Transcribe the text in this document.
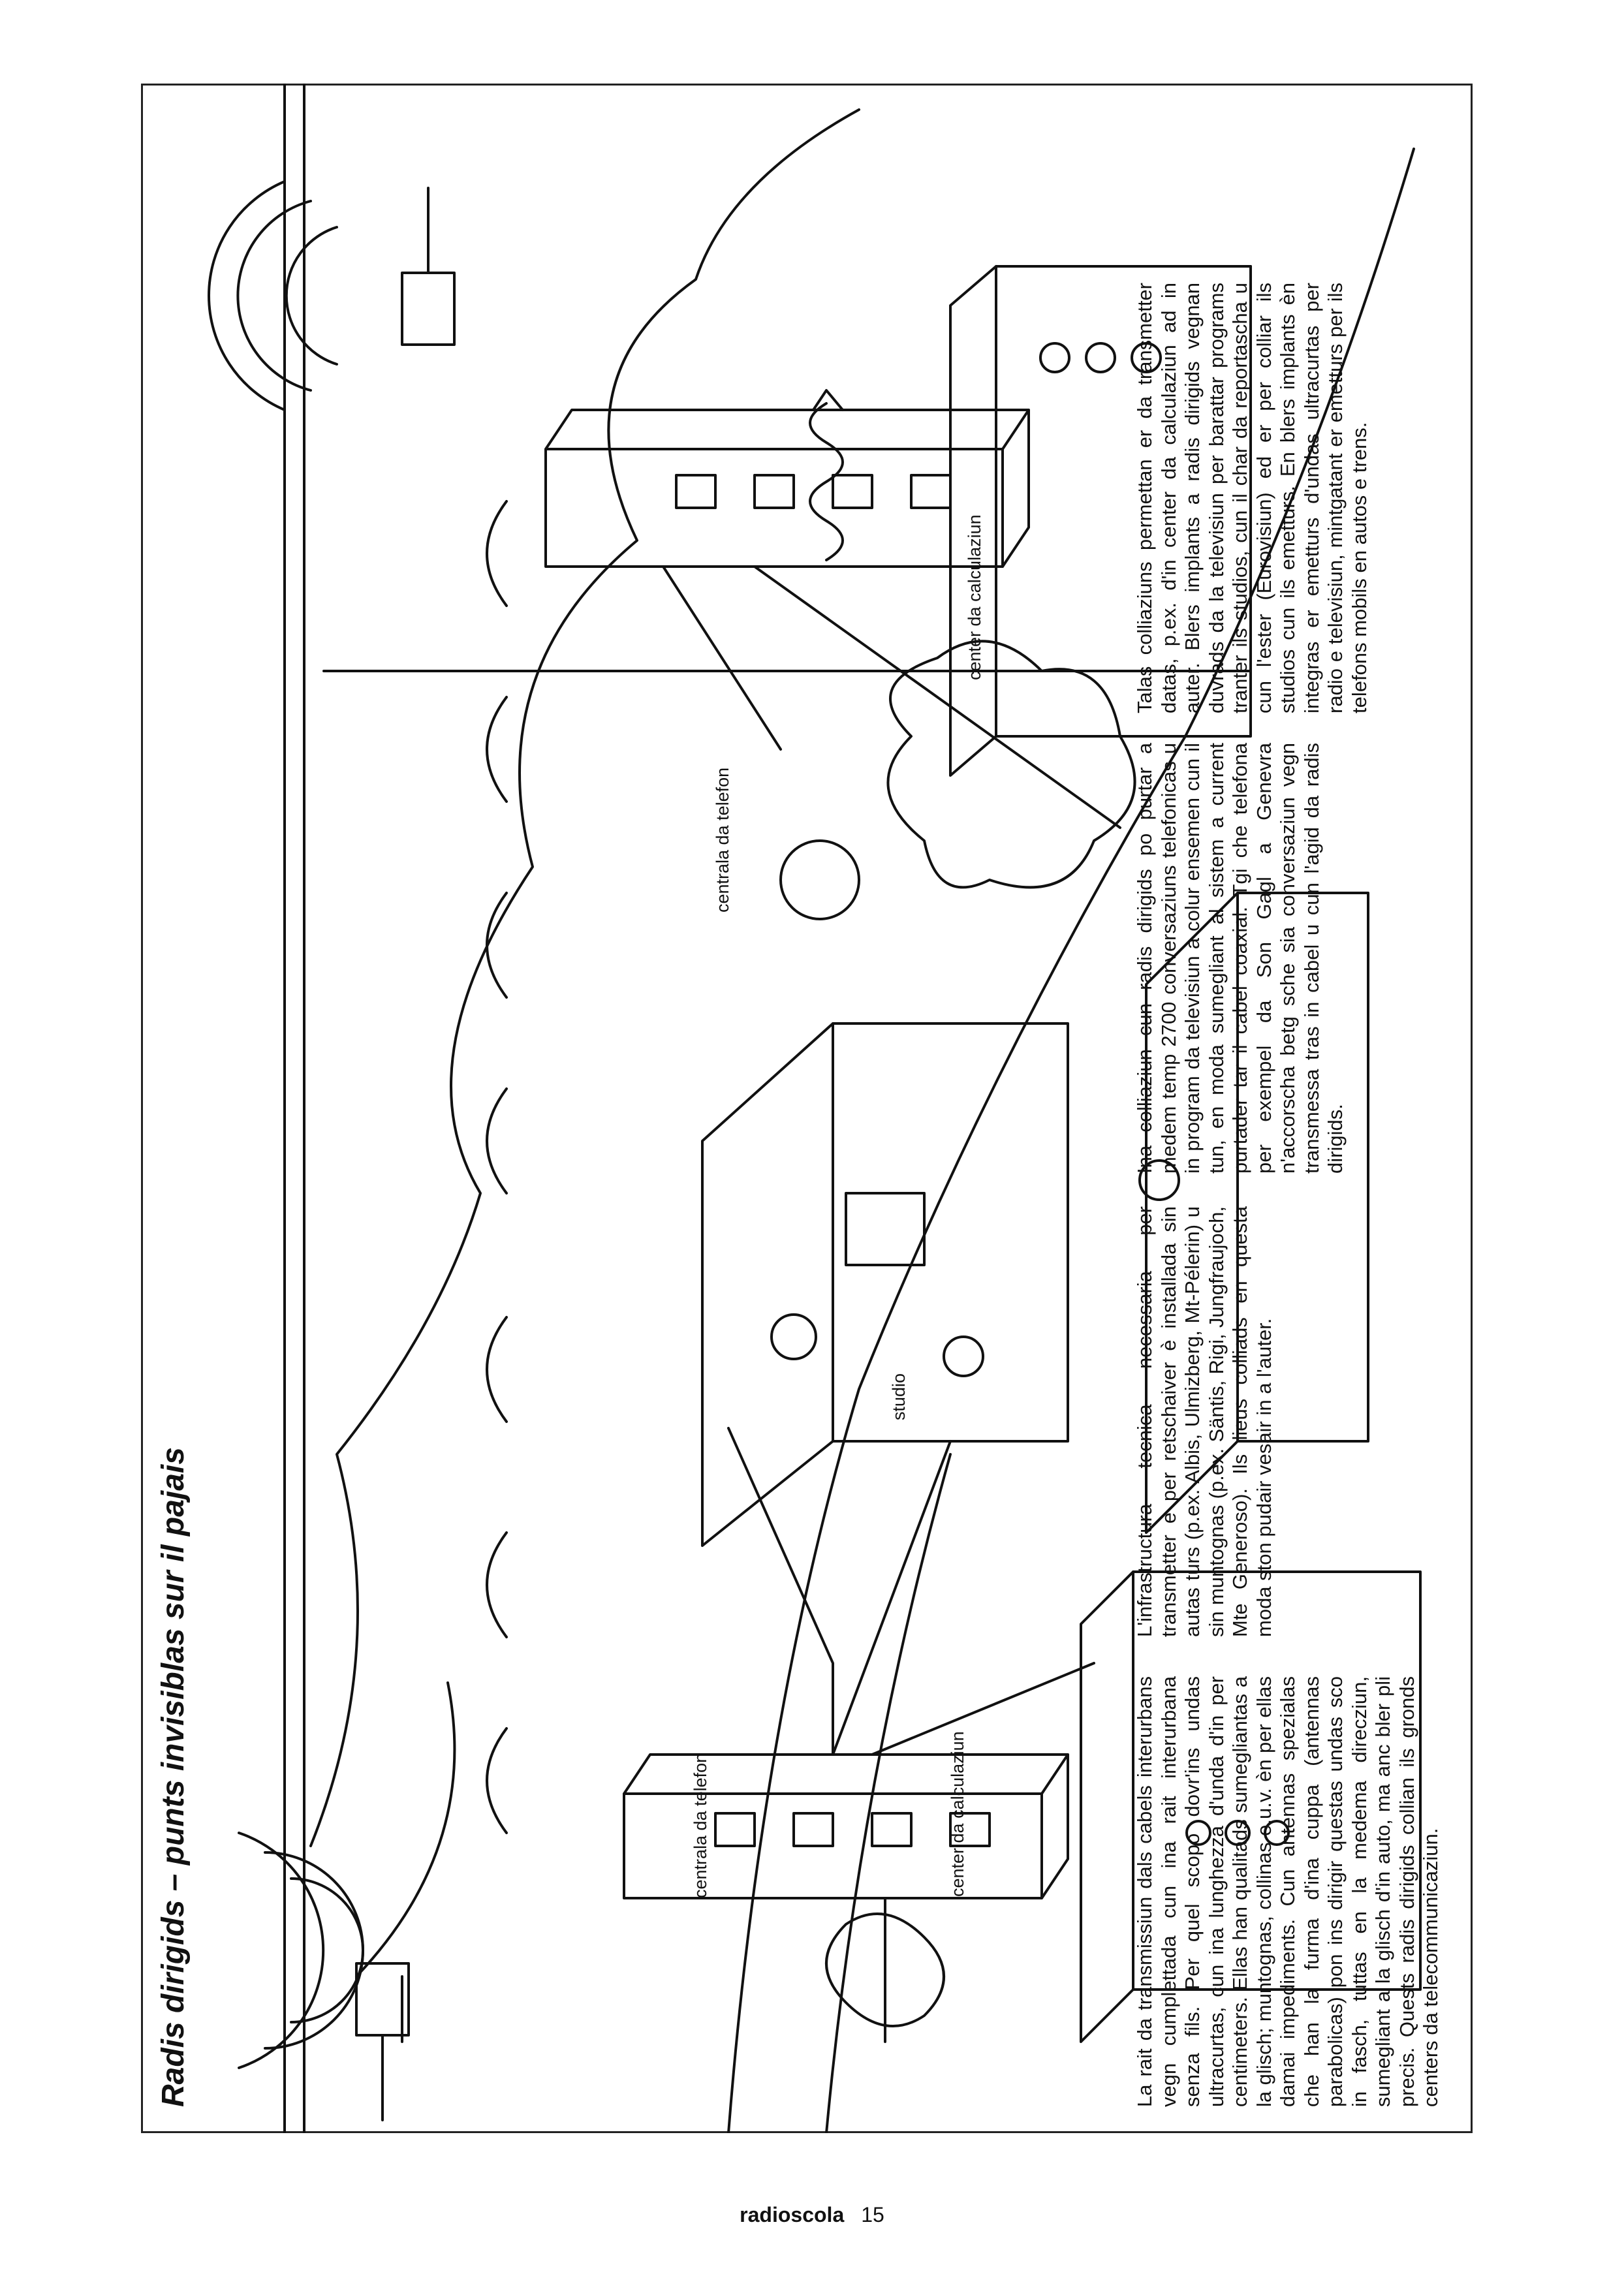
Radis dirigids – punts invisiblas sur il pajais	centrala da telefon
centrala da telefon
center da calculaziun
center da calculaziun
studio
La rait da transmissiun dals cabels interurbans vegn cumplettada cun ina rait interurbana senza fils. Per quel scopo dovr'ins undas ultracurtas, cun ina lunghezza d'unda d'in per centimeters. Ellas han qualitads sumegliantas a la glisch; muntognas, collinas e.u.v. èn per ellas damai impediments. Cun antennas spezialas che han la furma d'ina cuppa (antennas parabolicas) pon ins dirigir questas undas sco in fasch, tuttas en la medema direcziun, sumegliant a la glisch d'in auto, ma anc bler pli precis. Quests radis dirigids collian ils gronds centers da telecommunicaziun.
L'infrastructura tecnica necessaria per transmetter e per retschaiver è installada sin autas turs (p.ex. Albis, Ulmizberg, Mt-Pélerin) u sin muntognas (p.ex. Säntis, Rigi, Jungfraujoch, Mte Generoso). Ils lieus colliads en questa moda ston pudair vesair in a l'auter.
Ina colliaziun cun radis dirigids po purtar a medem temp 2700 conversaziuns telefonicas u in program da televisiun a colur ensemen cun il tun, en moda sumegliant al sistem a current purtader tar il cabel coaxial. Tgi che telefona per exempel da Son Gagl a Genevra n'accorscha betg sche sia conversaziun vegn transmessa tras in cabel u cun l'agid da radis dirigids.
Talas colliaziuns permettan er da transmetter datas, p.ex. d'in center da calculaziun ad in auter. Blers implants a radis dirigids vegnan duvrads da la televisiun per barattar programs tranter ils studios, cun il char da reportascha u cun l'ester (Eurovisiun) ed er per colliar ils studios cun ils emetturs. En blers implants èn integras er emetturs d'undas ultracurtas per radio e televisiun, mintgatant er emetturs per ils telefons mobils en autos e trens.
radioscola 15
